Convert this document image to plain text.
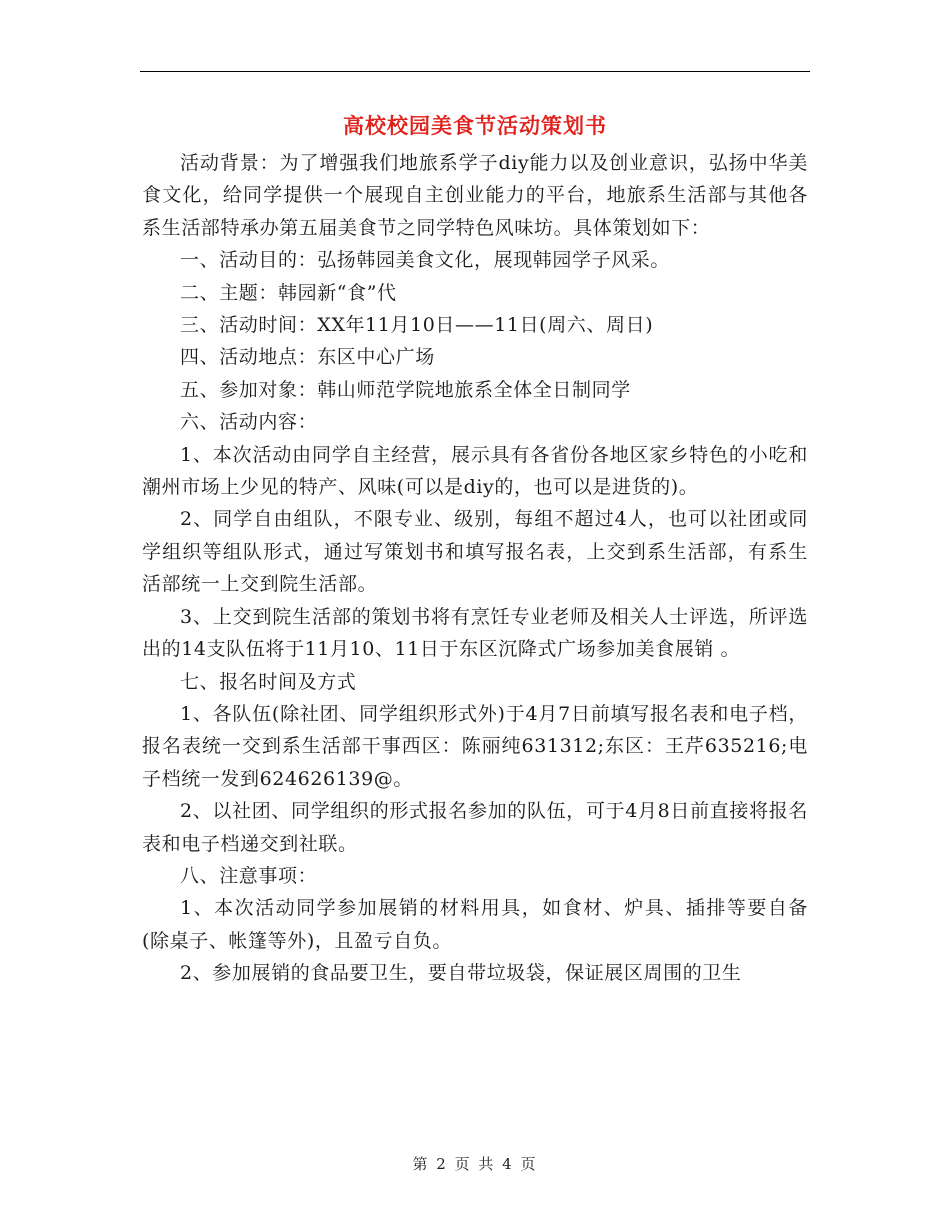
高校校园美食节活动策划书

活动背景：为了增强我们地旅系学子diy能力以及创业意识，弘扬中华美食文化，给同学提供一个展现自主创业能力的平台，地旅系生活部与其他各系生活部特承办第五届美食节之同学特色风味坊。具体策划如下：

一、活动目的：弘扬韩园美食文化，展现韩园学子风采。

二、主题：韩园新“食”代

三、活动时间：XX年11月10日——11日(周六、周日)

四、活动地点：东区中心广场

五、参加对象：韩山师范学院地旅系全体全日制同学

六、活动内容：

1、本次活动由同学自主经营，展示具有各省份各地区家乡特色的小吃和潮州市场上少见的特产、风味(可以是diy的，也可以是进货的)。

2、同学自由组队，不限专业、级别，每组不超过4人，也可以社团或同学组织等组队形式，通过写策划书和填写报名表，上交到系生活部，有系生活部统一上交到院生活部。

3、上交到院生活部的策划书将有烹饪专业老师及相关人士评选，所评选出的14支队伍将于11月10、11日于东区沉降式广场参加美食展销 。

七、报名时间及方式

1、各队伍(除社团、同学组织形式外)于4月7日前填写报名表和电子档，报名表统一交到系生活部干事西区：陈丽纯631312;东区：王芹635216;电子档统一发到624626139@。

2、以社团、同学组织的形式报名参加的队伍，可于4月8日前直接将报名表和电子档递交到社联。

八、注意事项：

1、本次活动同学参加展销的材料用具，如食材、炉具、插排等要自备(除桌子、帐篷等外)，且盈亏自负。

2、参加展销的食品要卫生，要自带垃圾袋，保证展区周围的卫生

第 2 页 共 4 页
